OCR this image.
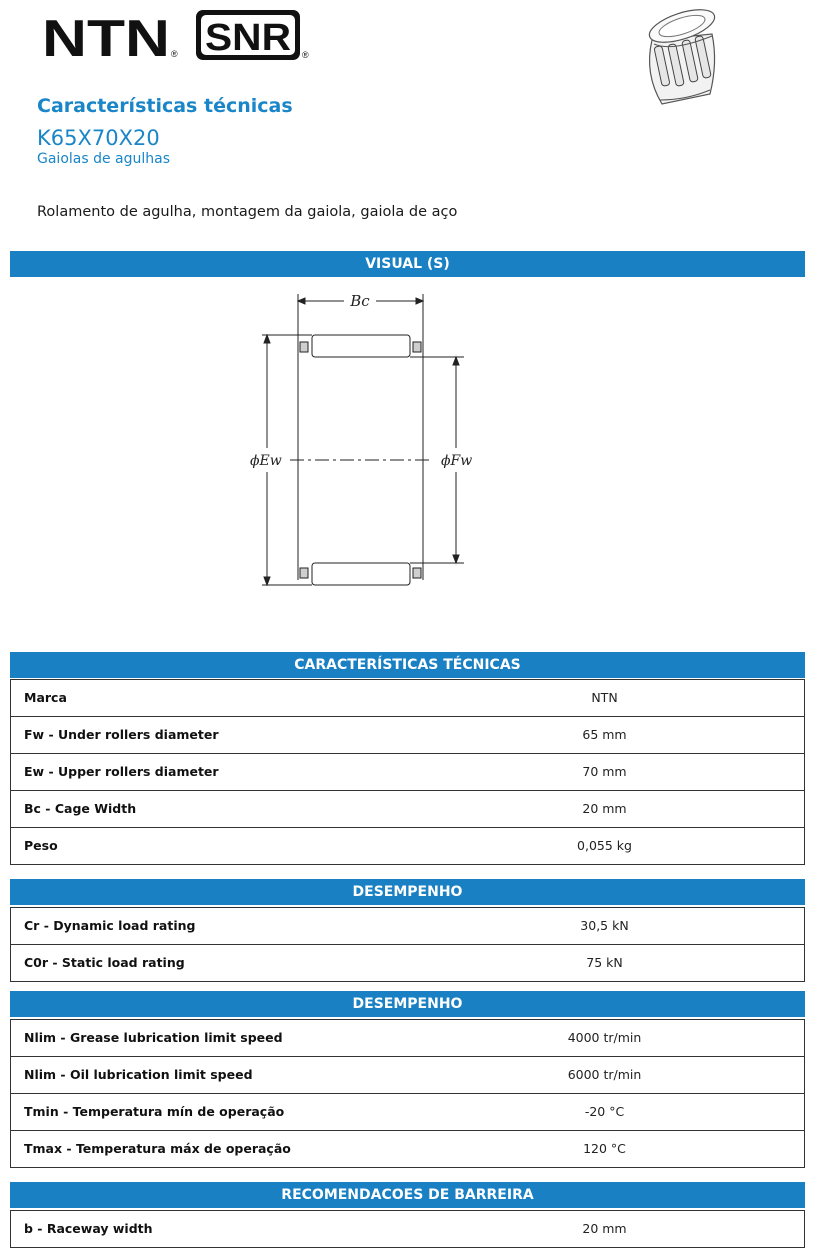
NTN ® SNR ®
Características técnicas
K65X70X20
Gaiolas de agulhas

Rolamento de agulha, montagem da gaiola, gaiola de aço

VISUAL (S)
Bc
ϕEw	ϕFw
CARACTERÍSTICAS TÉCNICAS
Marca	NTN
Fw - Under rollers diameter	65 mm
Ew - Upper rollers diameter	70 mm
Bc - Cage Width	20 mm
Peso	0,055 kg
DESEMPENHO
Cr - Dynamic load rating	30,5 kN
C0r - Static load rating	75 kN
DESEMPENHO
Nlim - Grease lubrication limit speed	4000 tr/min
Nlim - Oil lubrication limit speed	6000 tr/min
Tmin - Temperatura mín de operação	-20 °C
Tmax - Temperatura máx de operação	120 °C
RECOMENDACOES DE BARREIRA
b - Raceway width	20 mm
